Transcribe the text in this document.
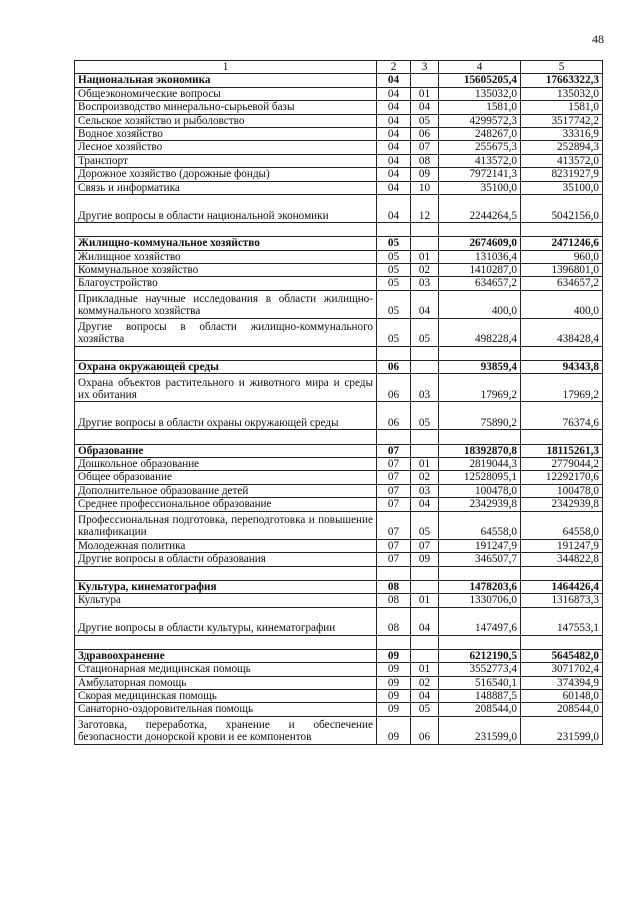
48
1	2	3	4	5
Национальная экономика	04		15605205,4	17663322,3
Общеэкономические вопросы	04	01	135032,0	135032,0
Воспроизводство минерально-сырьевой базы	04	04	1581,0	1581,0
Сельское хозяйство и рыболовство	04	05	4299572,3	3517742,2
Водное хозяйство	04	06	248267,0	33316,9
Лесное хозяйство	04	07	255675,3	252894,3
Транспорт	04	08	413572,0	413572,0
Дорожное хозяйство (дорожные фонды)	04	09	7972141,3	8231927,9
Связь и информатика	04	10	35100,0	35100,0
Другие вопросы в области национальной экономики	04	12	2244264,5	5042156,0

Жилищно-коммунальное хозяйство	05		2674609,0	2471246,6
Жилищное хозяйство	05	01	131036,4	960,0
Коммунальное хозяйство	05	02	1410287,0	1396801,0
Благоустройство	05	03	634657,2	634657,2
Прикладные научные исследования в области жилищно-коммунального хозяйства	05	04	400,0	400,0
Другие вопросы в области жилищно-коммунального хозяйства	05	05	498228,4	438428,4

Охрана окружающей среды	06		93859,4	94343,8
Охрана объектов растительного и животного мира и среды их обитания	06	03	17969,2	17969,2
Другие вопросы в области охраны окружающей среды	06	05	75890,2	76374,6

Образование	07		18392870,8	18115261,3
Дошкольное образование	07	01	2819044,3	2779044,2
Общее образование	07	02	12528095,1	12292170,6
Дополнительное образование детей	07	03	100478,0	100478,0
Среднее профессиональное образование	07	04	2342939,8	2342939,8
Профессиональная подготовка, переподготовка и повышение квалификации	07	05	64558,0	64558,0
Молодежная политика	07	07	191247,9	191247,9
Другие вопросы в области образования	07	09	346507,7	344822,8

Культура, кинематография	08		1478203,6	1464426,4
Культура	08	01	1330706,0	1316873,3
Другие вопросы в области культуры, кинематографии	08	04	147497,6	147553,1

Здравоохранение	09		6212190,5	5645482,0
Стационарная медицинская помощь	09	01	3552773,4	3071702,4
Амбулаторная помощь	09	02	516540,1	374394,9
Скорая медицинская помощь	09	04	148887,5	60148,0
Санаторно-оздоровительная помощь	09	05	208544,0	208544,0
Заготовка, переработка, хранение и обеспечение безопасности донорской крови и ее компонентов	09	06	231599,0	231599,0
